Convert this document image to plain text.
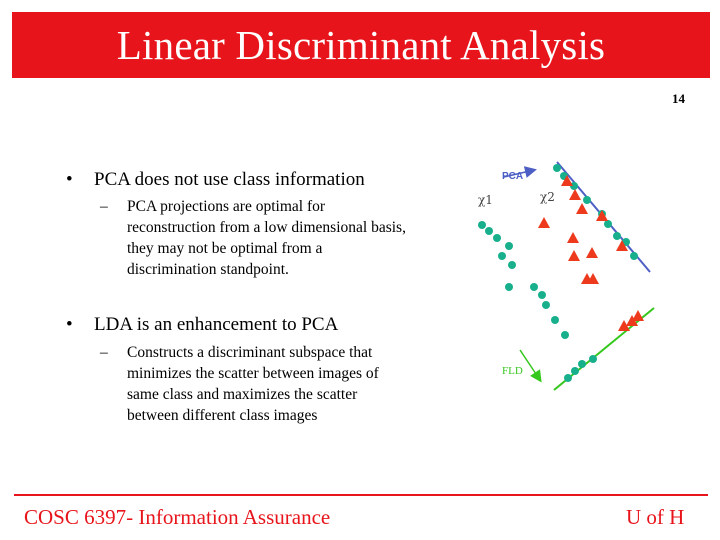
Linear Discriminant Analysis
14
• PCA does not use class information
– PCA projections are optimal for
reconstruction from a low dimensional basis,
they may not be optimal from a
discrimination standpoint.
• LDA is an enhancement to PCA
– Constructs a discriminant subspace that
minimizes the scatter between images of
same class and maximizes the scatter
between different class images
PCA
FLD
χ1	χ2
COSC 6397- Information Assurance	U of H
